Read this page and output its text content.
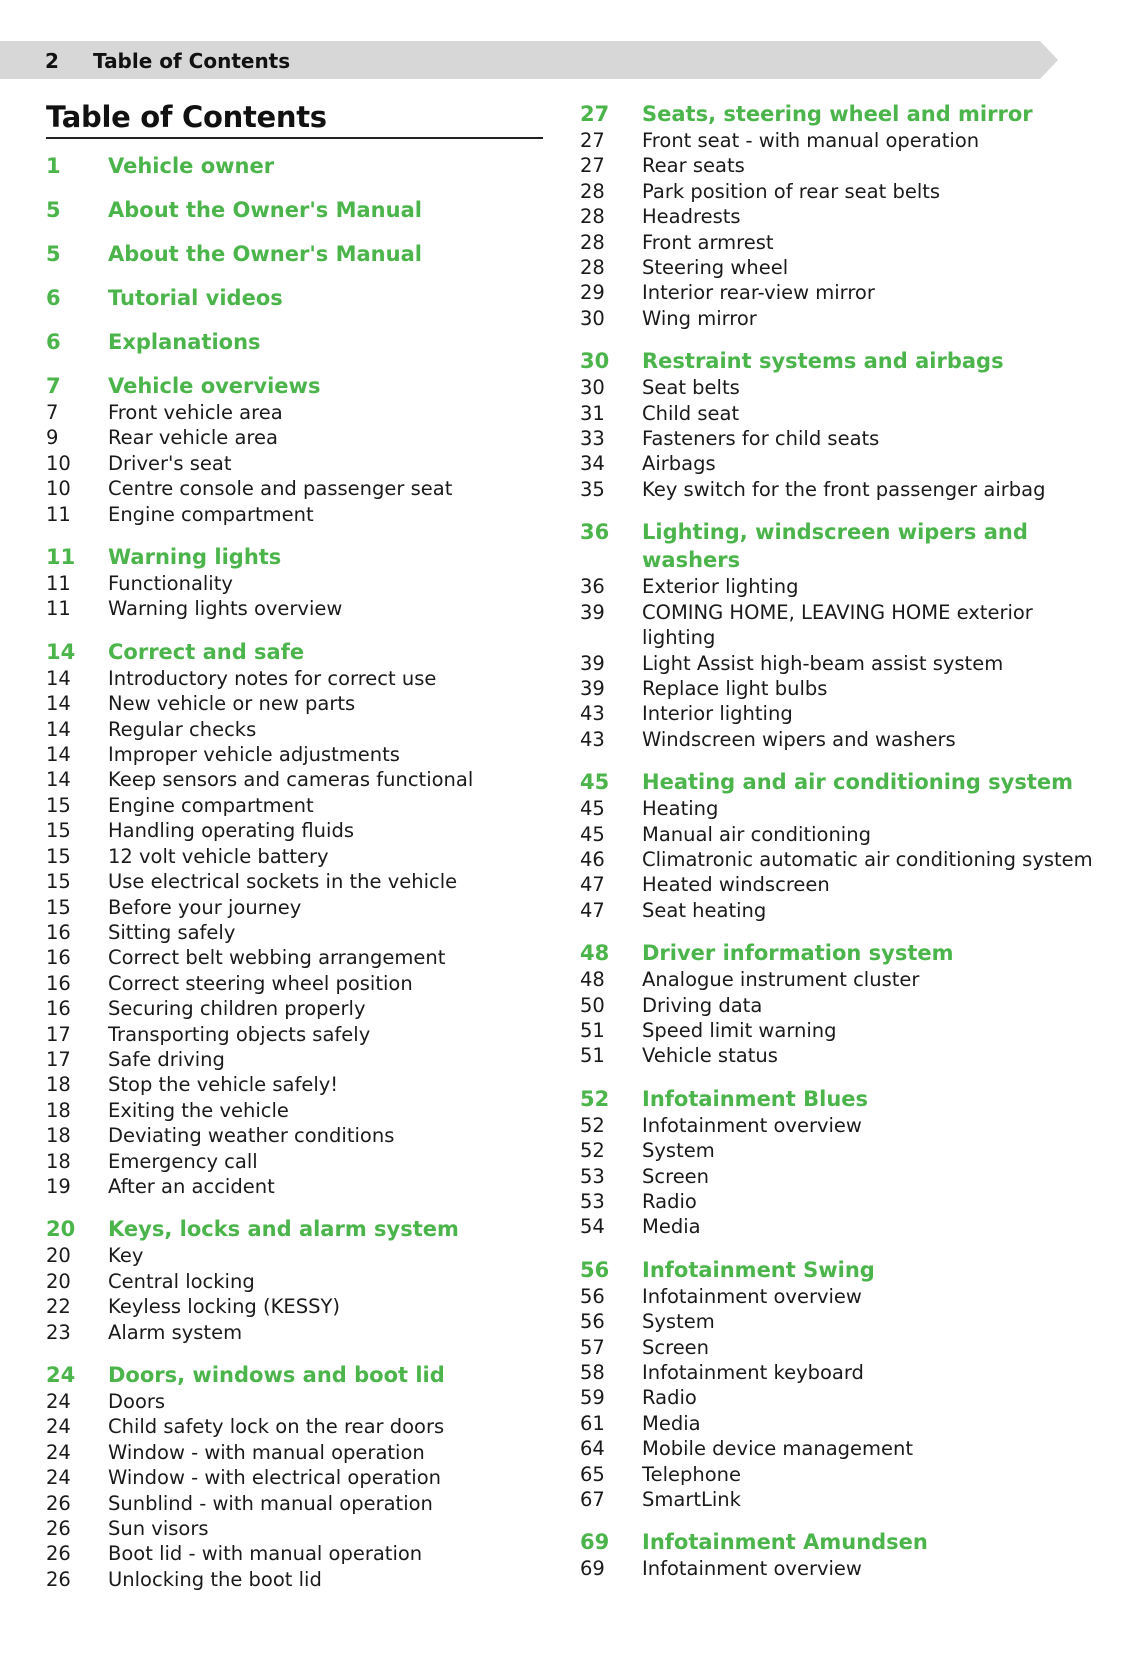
2 Table of Contents
Table of Contents
1	Vehicle owner
5	About the Owner's Manual
5	About the Owner's Manual
6	Tutorial videos
6	Explanations
7	Vehicle overviews
7	Front vehicle area
9	Rear vehicle area
10	Driver's seat
10	Centre console and passenger seat
11	Engine compartment
11	Warning lights
11	Functionality
11	Warning lights overview
14	Correct and safe
14	Introductory notes for correct use
14	New vehicle or new parts
14	Regular checks
14	Improper vehicle adjustments
14	Keep sensors and cameras functional
15	Engine compartment
15	Handling operating fluids
15	12 volt vehicle battery
15	Use electrical sockets in the vehicle
15	Before your journey
16	Sitting safely
16	Correct belt webbing arrangement
16	Correct steering wheel position
16	Securing children properly
17	Transporting objects safely
17	Safe driving
18	Stop the vehicle safely!
18	Exiting the vehicle
18	Deviating weather conditions
18	Emergency call
19	After an accident
20	Keys, locks and alarm system
20	Key
20	Central locking
22	Keyless locking (KESSY)
23	Alarm system
24	Doors, windows and boot lid
24	Doors
24	Child safety lock on the rear doors
24	Window - with manual operation
24	Window - with electrical operation
26	Sunblind - with manual operation
26	Sun visors
26	Boot lid - with manual operation
26	Unlocking the boot lid
27	Seats, steering wheel and mirror
27	Front seat - with manual operation
27	Rear seats
28	Park position of rear seat belts
28	Headrests
28	Front armrest
28	Steering wheel
29	Interior rear-view mirror
30	Wing mirror
30	Restraint systems and airbags
30	Seat belts
31	Child seat
33	Fasteners for child seats
34	Airbags
35	Key switch for the front passenger airbag
36	Lighting, windscreen wipers and washers
36	Exterior lighting
39	COMING HOME, LEAVING HOME exterior lighting
39	Light Assist high-beam assist system
39	Replace light bulbs
43	Interior lighting
43	Windscreen wipers and washers
45	Heating and air conditioning system
45	Heating
45	Manual air conditioning
46	Climatronic automatic air conditioning system
47	Heated windscreen
47	Seat heating
48	Driver information system
48	Analogue instrument cluster
50	Driving data
51	Speed limit warning
51	Vehicle status
52	Infotainment Blues
52	Infotainment overview
52	System
53	Screen
53	Radio
54	Media
56	Infotainment Swing
56	Infotainment overview
56	System
57	Screen
58	Infotainment keyboard
59	Radio
61	Media
64	Mobile device management
65	Telephone
67	SmartLink
69	Infotainment Amundsen
69	Infotainment overview
